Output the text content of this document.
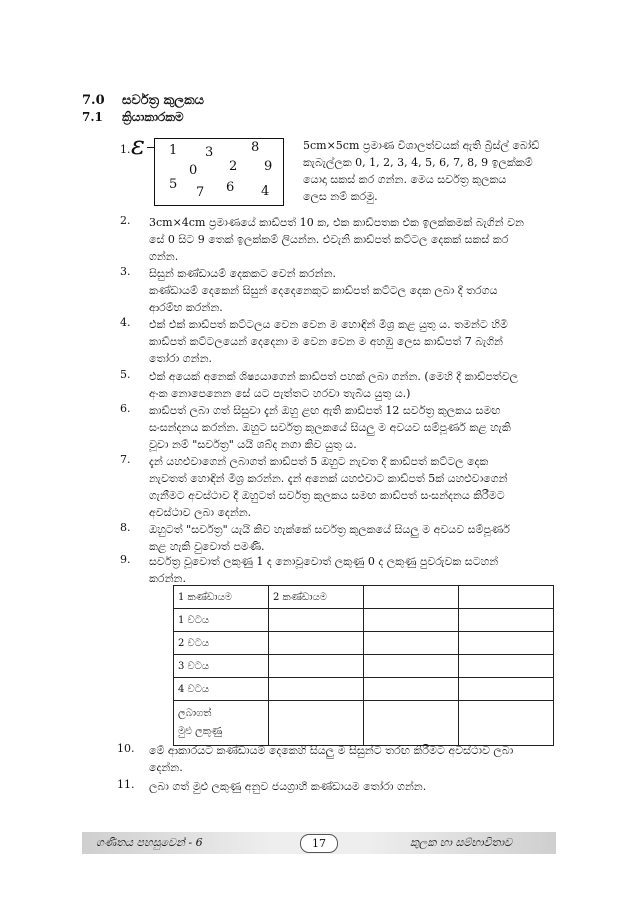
7.0 සර්වත්‍ර කුලකය
7.1 ක්‍රියාකාරකම
1. ε 1 3	8
0 2 9
5
7 6 4
5cm×5cm ප්‍රමාණ විශාලත්වයක් ඇති බ්‍රිස්ල් බෝඩ්
කැබැල්ලක 0, 1, 2, 3, 4, 5, 6, 7, 8, 9 ඉලක්කම්
යොදා සකස් කර ගන්න. මෙය සර්වත්‍ර කුලකය
ලෙස නම් කරමු.
2. 3cm×4cm ප්‍රමාණයේ කාඩ්පත් 10 ක, එක කාඩ්පතක එක ඉලක්කමක් බැගින් වන
සේ 0 සිට 9 තෙක් ඉලක්කම් ලියන්න. එවැනි කාඩ්පත් කට්ටල දෙකක් සකස් කර
ගන්න.
3. සිසුන් කණ්ඩායම් දෙකකට වෙන් කරන්න.
කණ්ඩායම් දෙකෙන් සිසුන් දෙදෙනෙකුට කාඩ්පත් කට්ටල දෙක ලබා දී තරගය
ආරම්භ කරන්න.
4. එක් එක් කාඩ්පත් කට්ටලය වෙන වෙන ම හොඳින් මිශ්‍ර කළ යුතු ය. තමන්ට හිමි
කාඩ්පත් කට්ටලයෙන් දෙදෙනා ම වෙන වෙන ම අහඹු ලෙස කාඩ්පත් 7 බැගින්
තෝරා ගන්න.
5. එක් අයෙක් අනෙක් ශිෂ්‍යයාගෙන් කාඩ්පත් පහක් ලබා ගන්න. (මෙහි දී කාඩ්පත්වල
අංක නොපෙනෙන සේ යට පැත්තට හරවා තැබිය යුතු ය.)
6. කාඩ්පත් ලබා ගත් සිසුවා දැන් ඔහු ළඟ ඇති කාඩ්පත් 12 සර්වත්‍ර කුලකය සමඟ
සංසන්දනය කරන්න. ඔහුට සර්වත්‍ර කුලකයේ සියලු ම අවයව සම්පූර්ණ කළ හැකි
වූවා නම් "සර්වත්‍ර" යයි ශබ්ද නගා කිව යුතු ය.
7. දැන් යහළුවාගෙන් ලබාගත් කාඩ්පත් 5 ඔහුට නැවත දී කාඩ්පත් කට්ටල දෙක
නැවතත් හොඳින් මිශ්‍ර කරන්න. දැන් අනෙක් යහළුවාට කාඩ්පත් 5ක් යහළුවාගෙන්
ගැනීමට අවස්ථාව දී ඔහුටත් සර්වත්‍ර කුලකය සමඟ කාඩ්පත් සංසන්දනය කිරීමට
අවස්ථාව ලබා දෙන්න.
8. ඔහුටත් "සර්වත්‍ර" යැයි කිව හැක්කේ සර්වත්‍ර කුලකයේ සියලු ම අවයව සම්පූර්ණ
කළ හැකි වුවොත් පමණි.
9. සර්වත්‍ර වූවොත් ලකුණු 1 ද නොවූවොත් ලකුණු 0 ද ලකුණු පුවරුවක සටහන්
කරන්න.
1 කණ්ඩායම	2 කණ්ඩායම		
1 වටය			
2 වටය			
3 වටය			
4 වටය			

ලබාගත්
මුළු ලකුණු			

10. මේ ආකාරයට කණ්ඩායම් දෙකෙහි සියලු ම සිසුන්ට තරඟ කිරීමට අවස්ථාව ලබා
දෙන්න.
11. ලබා ගත් මුළු ලකුණු අනුව ජයග්‍රාහී කණ්ඩායම තෝරා ගන්න.
ගණිතය පහසුවෙන් - 6	17	කුලක හා සම්භාවිතාව
